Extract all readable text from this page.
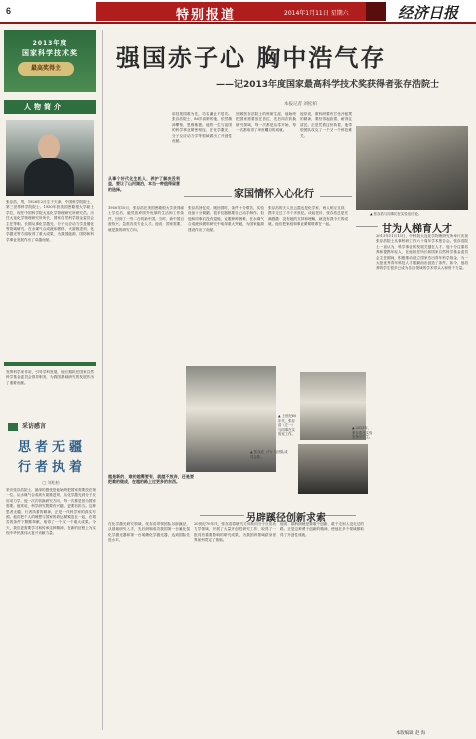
6	特别报道	2014年1月11日 星期六	经济日报
2013年度
国家科学技术奖
最高奖得主
人物简介
张存浩，男，1928年2月生于天津，中国科学院院士，第三世界科学院院士。1950年获美国密歇根大学硕士学位，现任中国科学院大连化学物理研究所研究员。历任大连化学物理研究所所长、国家自然科学基金委员会主任等职。长期从事化学激光、分子反应动力学及催化等领域研究，在水煤气合成液体燃料、火箭推进剂、化学激光等方面取得了重大成果，为我国能源、国防和科学事业发展作出了卓越贡献。
发挥科学家作用，引导学科发展，他长期担任国家自然科学基金委员会领导职务，为我国基础研究的发展作出了重要贡献。
采访感言
思者无疆 行者执着
□ 刘松柏
采访张存浩院士，最深的感受是他始终把国家需要放在第一位。从水煤气合成到火箭推进剂，从化学激光到分子反应动力学，他一次次转换研究方向，每一次都是因为国家需要。他常说，科学研究既要有兴趣，更要有担当。这种思者无疆、行者执着的精神，正是一代科学家的真实写照。他们把个人的理想与国家的命运紧紧连在一起，在艰苦的条件下默默奉献，取得了一个又一个重大成果。今天，我们更需要学习和传承这种精神，在新的征程上为实现中华民族伟大复兴贡献力量。
强国赤子心 胸中浩气存
——记2013年度国家最高科学技术奖获得者张存浩院士
本报记者 刘松柏
用技报国敢为先，功名谦让不居功。张存浩院士，86岁高龄的他，依然精神矍铄，思维敏捷。他的一生与祖国的科学事业紧密相连，在化学激光、分子反应动力学等领域做出了开创性贡献。
回顾张存浩院士的科研生涯，他始终把国家需要放在首位，先后四次转换研究领域，每一次都是从零开始，每一次都取得了举世瞩目的成就。
他常说，做科研要有甘坐冷板凳的精神，要经得起寂寞、耐得住清贫。正是凭着这份执着，他带领团队攻克了一个又一个科技难关。
从事个好代化生机人，养护了解决没利益，要让了山河湖泊，本当一种值得留意的选择。
▲ 张存浩与同事们在实验室讨论。
家国情怀入心化行
1950年10月，张存浩在美国密歇根大学获得硕士学位后，毅然放弃国外优厚的生活和工作条件，回到了一穷二白的新中国。当时，新中国百废待兴，急需各类专业人才。他说：国家需要，就是我的研究方向。
张存浩回忆说，刚回国时，条件十分艰苦，实验设备十分简陋，很多仪器都要自己动手制作。但他和同事们没有退缩，克服种种困难，在水煤气合成液体燃料研究中取得重大突破，为国家能源建设作出了贡献。
张存浩的夫人迟云霞也是化学家，两人相互支持，携手走过了半个多世纪。谈起老伴，张存浩总是充满感激：没有她的支持和理解，就没有我今天的成就。他们把家庭和事业紧紧联系在一起。	甘为人梯育人才
2013年11月15日，中科院大连化学物理研究所举行庆祝张存浩院士从事科研工作六十周年学术报告会。张存浩院士一直认为，科学事业的发展关键在人才。他十分注重培养和提携年轻人，在他担任所长和国家自然科学基金委员会主任期间，积极推动设立国家杰出青年科学基金，为一大批优秀青年科技人才脱颖而出创造了条件。如今，他培养的学生很多已成为各自领域的学术带头人和骨干力量。
▲ 上世纪60年代，张存浩（左一）与同事在实验室工作。
▲ 2013年，张存浩在实验室指导学生。
▲ 张存浩（中）与团队成员合影。
越是新的，难的越需要有，就越不放弃，还是要把难的做成，在越的路上过更多的东西。
另辟蹊径创新求索
在化学激光研究领域，张存浩带领团队另辟蹊径，从基础研究入手，先后研制成功我国第一台氟化氢化学激光器和第一台氧碘化学激光器，达到国际先进水平。
20世纪70年代，张存浩将研究方向转向分子反应动力学领域，开展了大量开创性研究工作，取得了一批具有重要影响的研究成果，为我国该领域跻身世界前列奠定了基础。
他说：搞科研就是要敢于创新，敢于走别人没走过的路。正是这种勇于创新的精神，使他在多个领域都取得了开创性成就。
本版编辑 赵 海
